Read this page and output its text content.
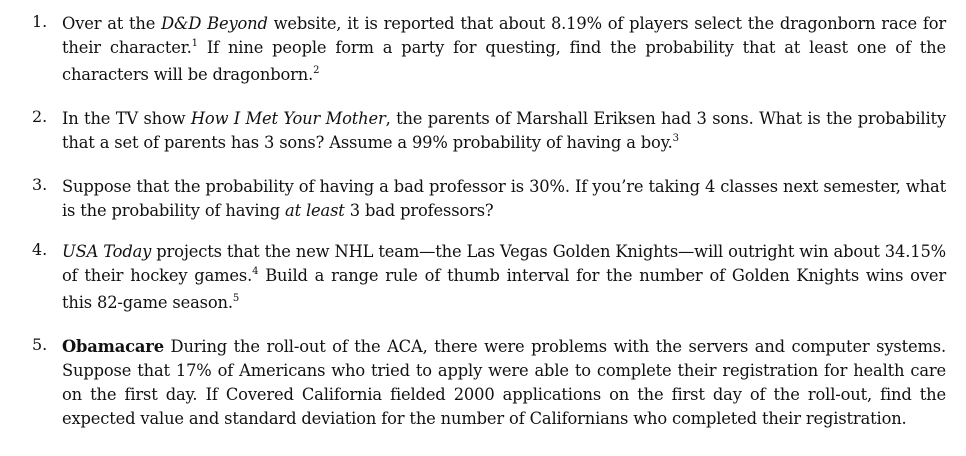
1. Over at the D&D Beyond website, it is reported that about 8.19% of players select the dragonborn race for their character.$^1$ If nine people form a party for questing, find the probability that at least one of the characters will be dragonborn.$^2$
2. In the TV show How I Met Your Mother, the parents of Marshall Eriksen had 3 sons. What is the probability that a set of parents has 3 sons? Assume a 99% probability of having a boy.$^3$
3. Suppose that the probability of having a bad professor is 30%. If you’re taking 4 classes next semester, what is the probability of having at least 3 bad professors?
4. USA Today projects that the new NHL team—the Las Vegas Golden Knights—will outright win about 34.15% of their hockey games.$^4$ Build a range rule of thumb interval for the number of Golden Knights wins over this 82-game season.$^5$
5. Obamacare During the roll-out of the ACA, there were problems with the servers and computer systems. Suppose that 17% of Americans who tried to apply were able to complete their registration for health care on the first day. If Covered California fielded 2000 applications on the first day of the roll-out, find the expected value and standard deviation for the number of Californians who completed their registration.
